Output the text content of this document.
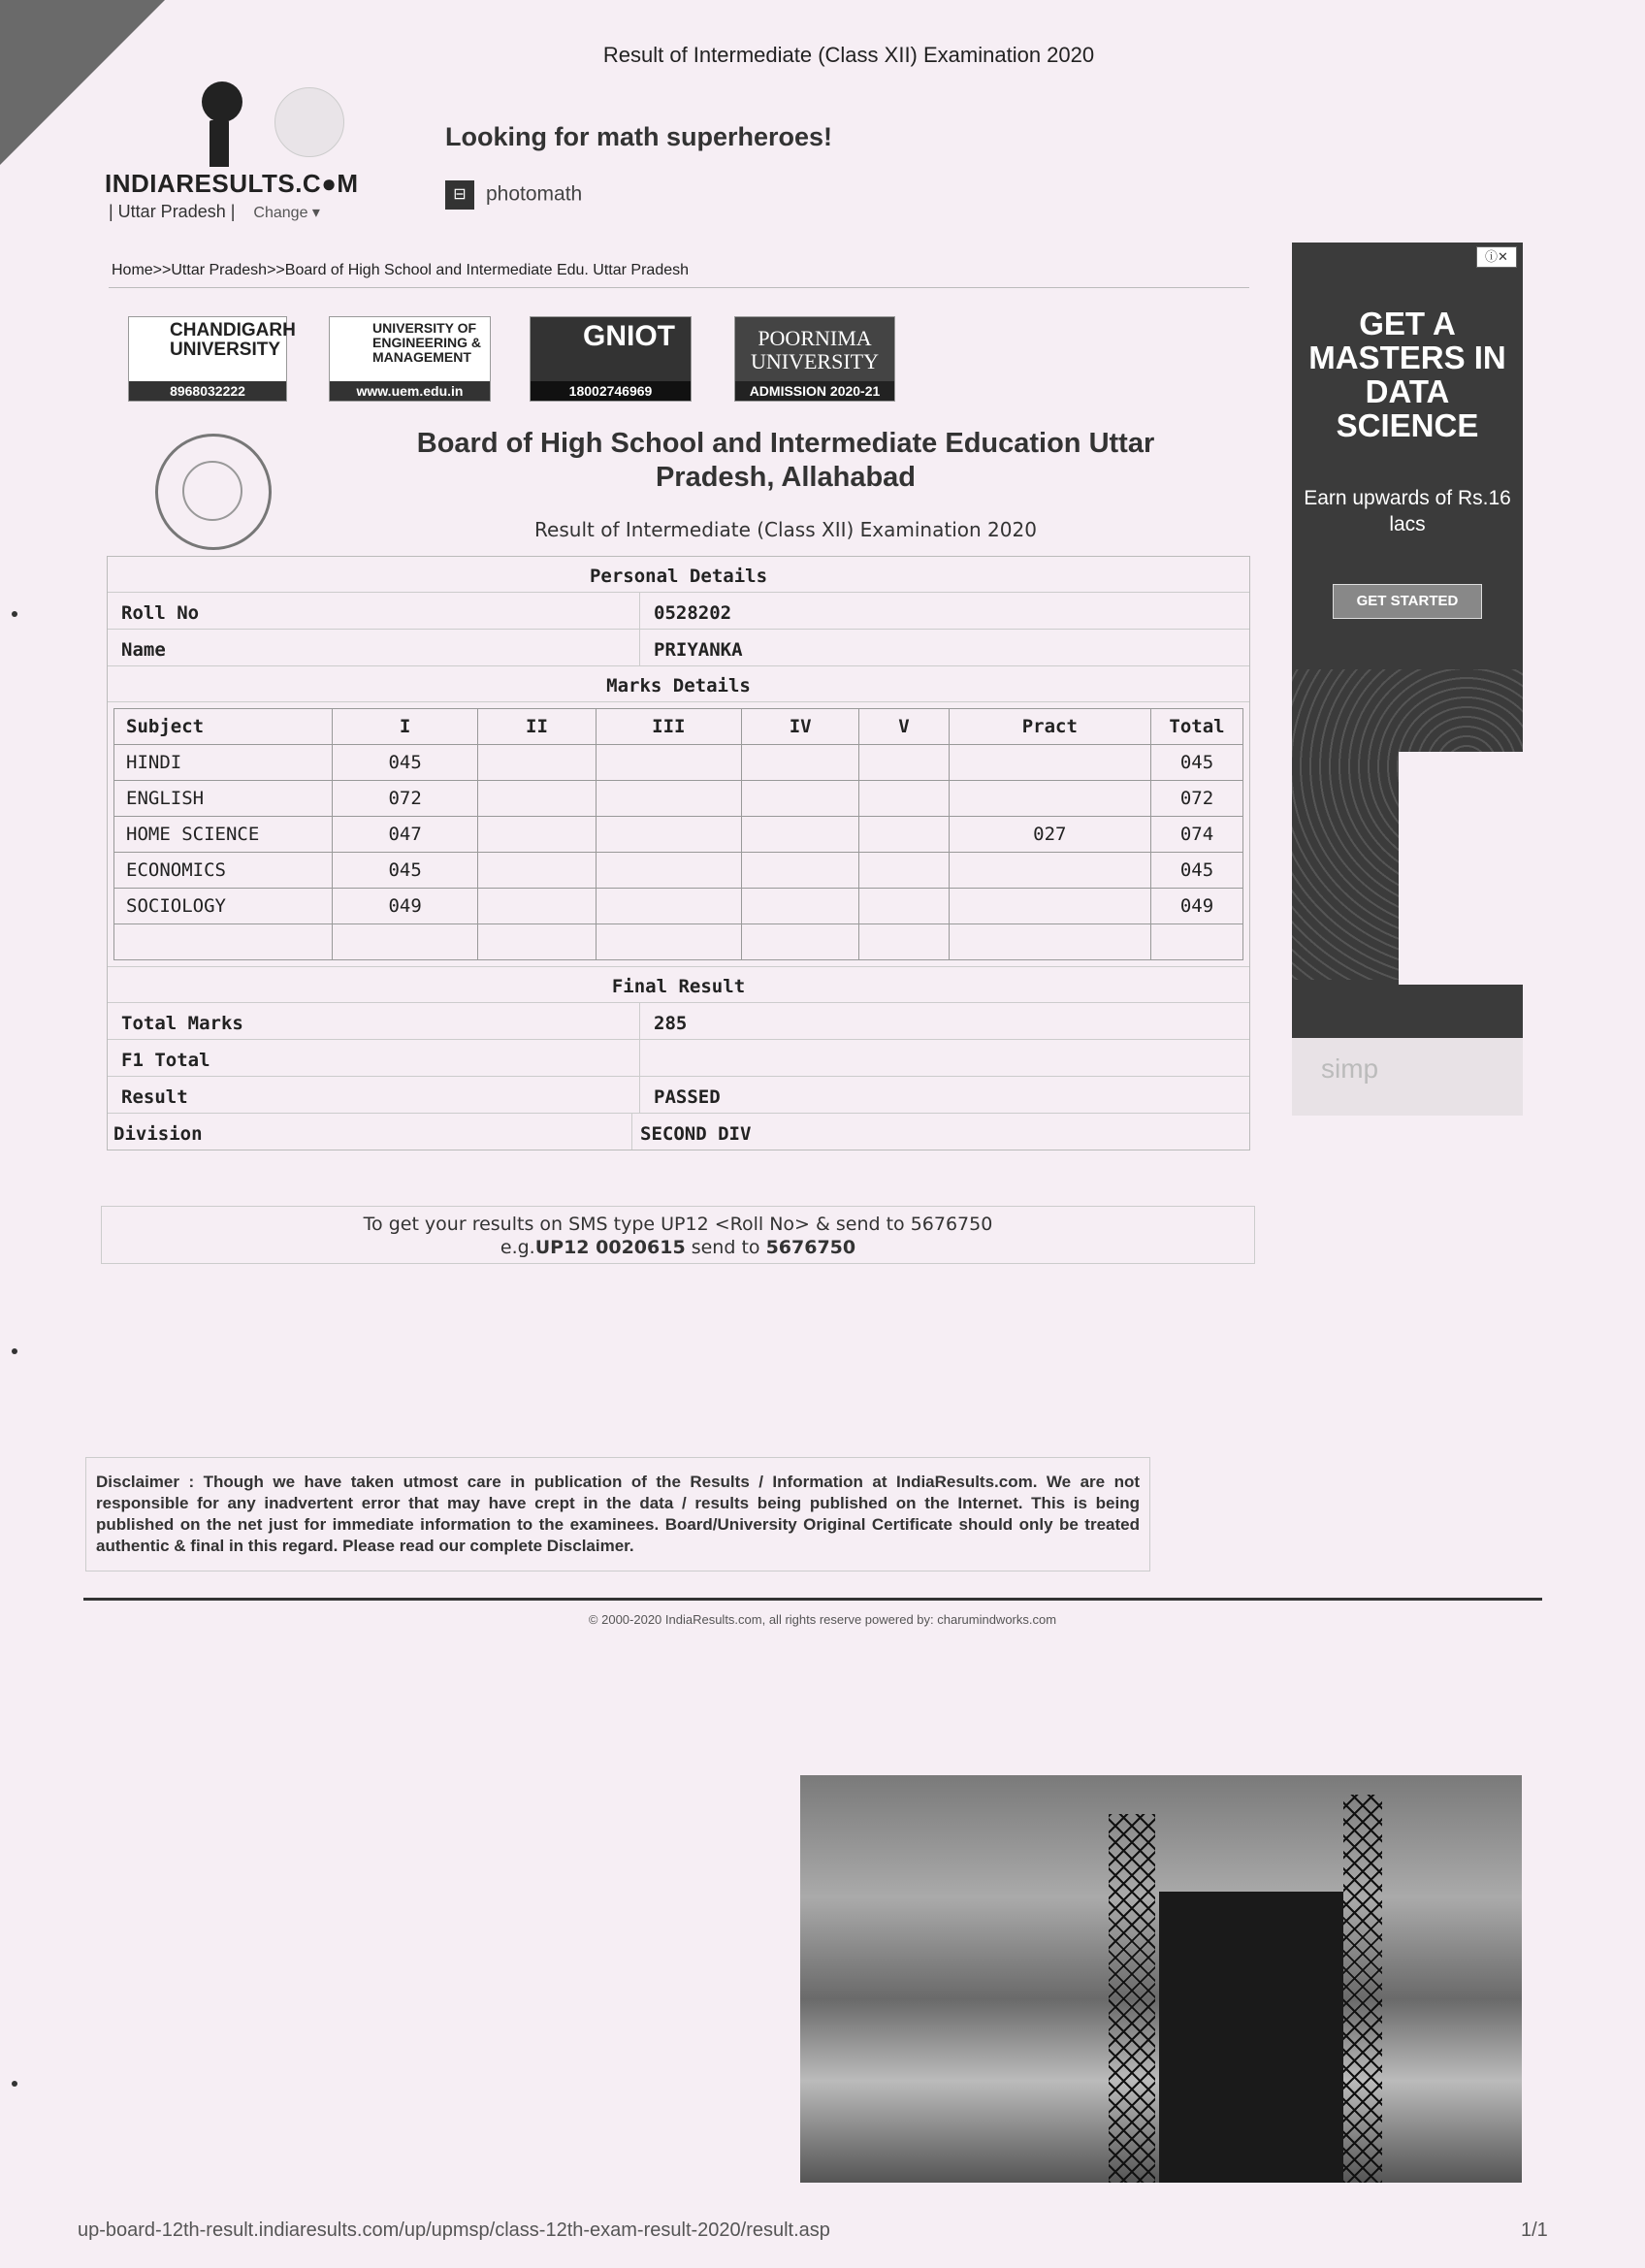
Result of Intermediate (Class XII) Examination 2020
INDIARESULTS.C●M
| Uttar Pradesh | Change ▾
Looking for math superheroes!
⊟ photomath
Home>>Uttar Pradesh>>Board of High School and Intermediate Edu. Uttar Pradesh
CHANDIGARH UNIVERSITY
8968032222
UNIVERSITY OF ENGINEERING & MANAGEMENT
www.uem.edu.in
GNIOT
18002746969
POORNIMA UNIVERSITY
ADMISSION 2020-21
Board of High School and Intermediate Education Uttar Pradesh, Allahabad
Result of Intermediate (Class XII) Examination 2020
Personal Details
Roll No	0528202
Name	PRIYANKA
Marks Details
Subject	I	II	III	IV	V	Pract	Total
HINDI	045						045
ENGLISH	072						072
HOME SCIENCE	047					027	074
ECONOMICS	045						045
SOCIOLOGY	049						049

Final Result
Total Marks	285
F1 Total
Result	PASSED
Division	SECOND DIV
To get your results on SMS type UP12 <Roll No> & send to 5676750
e.g.UP12 0020615 send to 5676750
Disclaimer : Though we have taken utmost care in publication of the Results / Information at IndiaResults.com. We are not responsible for any inadvertent error that may have crept in the data / results being published on the Internet. This is being published on the net just for immediate information to the examinees. Board/University Original Certificate should only be treated authentic & final in this regard. Please read our complete Disclaimer.
© 2000-2020 IndiaResults.com, all rights reserve powered by: charumindworks.com
ⓘ✕
GET A MASTERS IN DATA SCIENCE
Earn upwards of Rs.16 lacs
GET STARTED
simp
up-board-12th-result.indiaresults.com/up/upmsp/class-12th-exam-result-2020/result.asp	1/1
